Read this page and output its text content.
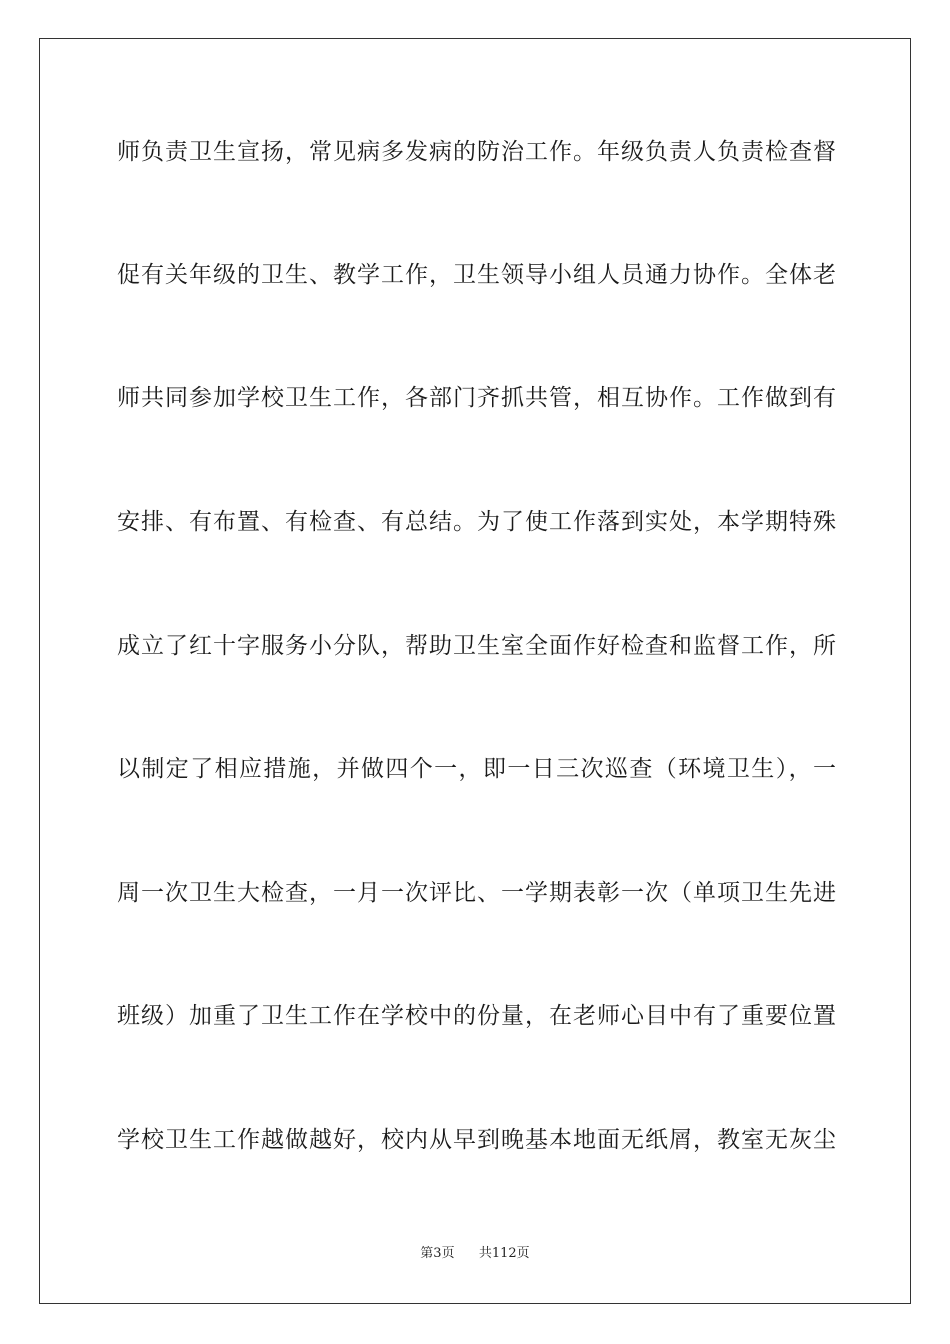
师负责卫生宣扬，常见病多发病的防治工作。年级负责人负责检查督
促有关年级的卫生、教学工作，卫生领导小组人员通力协作。全体老
师共同参加学校卫生工作，各部门齐抓共管，相互协作。工作做到有
安排、有布置、有检查、有总结。为了使工作落到实处，本学期特殊
成立了红十字服务小分队，帮助卫生室全面作好检查和监督工作，所
以制定了相应措施，并做四个一，即一日三次巡查（环境卫生），一
周一次卫生大检查，一月一次评比、一学期表彰一次（单项卫生先进
班级）加重了卫生工作在学校中的份量，在老师心目中有了重要位置
学校卫生工作越做越好，校内从早到晚基本地面无纸屑，教室无灰尘
第3页 共112页
